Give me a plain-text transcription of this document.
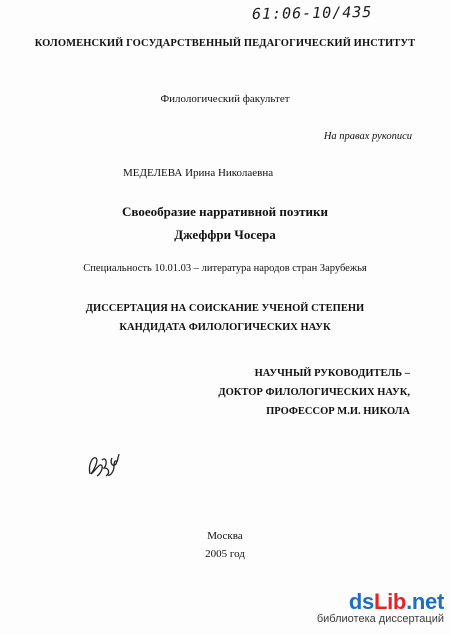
61:06-10/435
КОЛОМЕНСКИЙ ГОСУДАРСТВЕННЫЙ ПЕДАГОГИЧЕСКИЙ ИНСТИТУТ
Филологический факультет
На правах рукописи
МЕДЕЛЕВА Ирина Николаевна
Своеобразие нарративной поэтики
Джеффри Чосера
Специальность 10.01.03 – литература народов стран Зарубежья
ДИССЕРТАЦИЯ НА СОИСКАНИЕ УЧЕНОЙ СТЕПЕНИ
КАНДИДАТА ФИЛОЛОГИЧЕСКИХ НАУК
НАУЧНЫЙ РУКОВОДИТЕЛЬ –
ДОКТОР ФИЛОЛОГИЧЕСКИХ НАУК,
ПРОФЕССОР М.И. НИКОЛА
Москва
2005 год
dsLib.net
библиотека диссертаций
